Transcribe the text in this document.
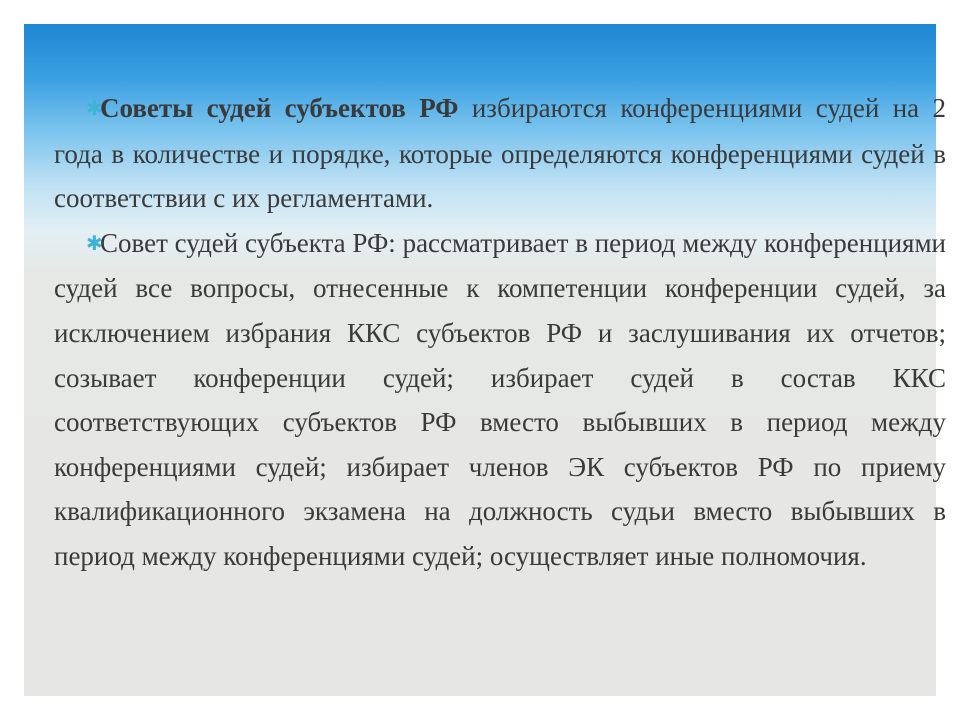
✱Советы судей субъектов РФ избираются конференциями судей на 2 года в количестве и порядке, которые определяются конференциями судей в соответствии с их регламентами.

✱Совет судей субъекта РФ: рассматривает в период между конференциями судей все вопросы, отнесенные к компетенции конференции судей, за исключением избрания ККС субъектов РФ и заслушивания их отчетов; созывает конференции судей; избирает судей в состав ККС соответствующих субъектов РФ вместо выбывших в период между конференциями судей; избирает членов ЭК субъектов РФ по приему квалификационного экзамена на должность судьи вместо выбывших в период между конференциями судей; осуществляет иные полномочия.
